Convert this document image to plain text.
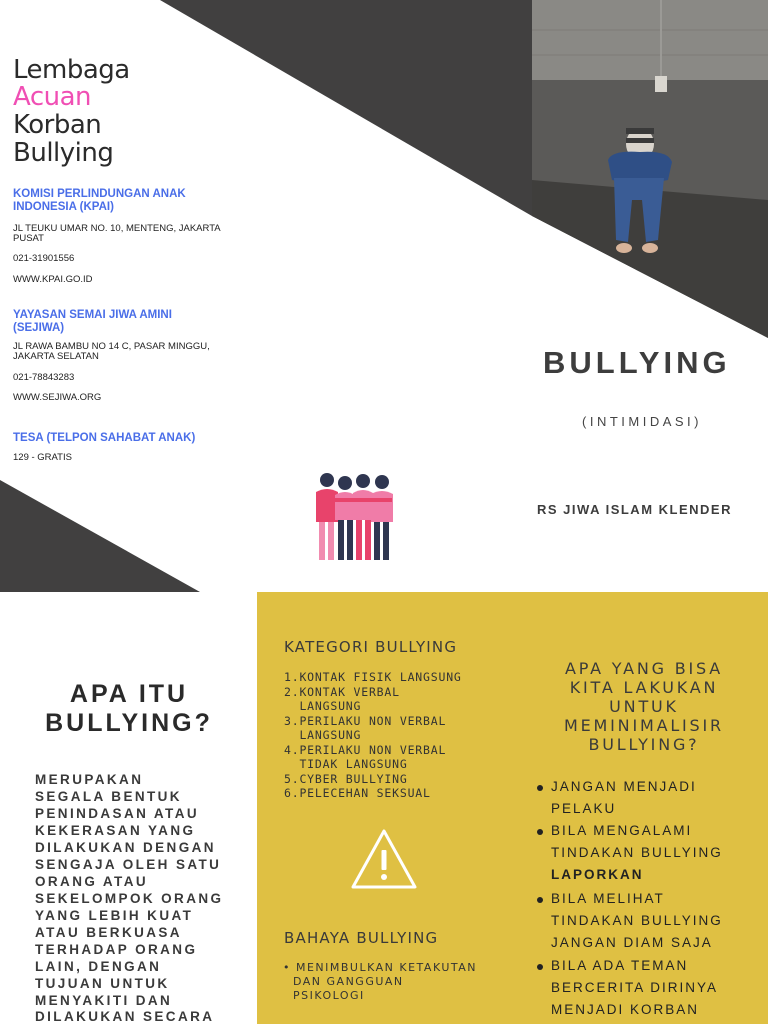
Lembaga
Acuan
Korban
Bullying
KOMISI PERLINDUNGAN ANAK
INDONESIA (KPAI)
JL TEUKU UMAR NO. 10, MENTENG, JAKARTA
PUSAT
021-31901556
WWW.KPAI.GO.ID
YAYASAN SEMAI JIWA AMINI
(SEJIWA)
JL RAWA BAMBU NO 14 C, PASAR MINGGU,
JAKARTA SELATAN
021-78843283
WWW.SEJIWA.ORG
TESA (TELPON SAHABAT ANAK)
129 - GRATIS
BULLYING
(INTIMIDASI)
RS JIWA ISLAM KLENDER
APA ITU
BULLYING?
MERUPAKAN
SEGALA BENTUK
PENINDASAN ATAU
KEKERASAN YANG
DILAKUKAN DENGAN
SENGAJA OLEH SATU
ORANG ATAU
SEKELOMPOK ORANG
YANG LEBIH KUAT
ATAU BERKUASA
TERHADAP ORANG
LAIN, DENGAN
TUJUAN UNTUK
MENYAKITI DAN
DILAKUKAN SECARA
KATEGORI BULLYING
1.KONTAK FISIK LANGSUNG
2.KONTAK VERBAL
LANGSUNG
3.PERILAKU NON VERBAL
LANGSUNG
4.PERILAKU NON VERBAL
TIDAK LANGSUNG
5.CYBER BULLYING
6.PELECEHAN SEKSUAL
BAHAYA BULLYING
• MENIMBULKAN KETAKUTAN
DAN GANGGUAN
PSIKOLOGI
APA YANG BISA
KITA LAKUKAN
UNTUK
MEMINIMALISIR
BULLYING?
JANGAN MENJADI
PELAKU
BILA MENGALAMI
TINDAKAN BULLYING
LAPORKAN
BILA MELIHAT
TINDAKAN BULLYING
JANGAN DIAM SAJA
BILA ADA TEMAN
BERCERITA DIRINYA
MENJADI KORBAN
